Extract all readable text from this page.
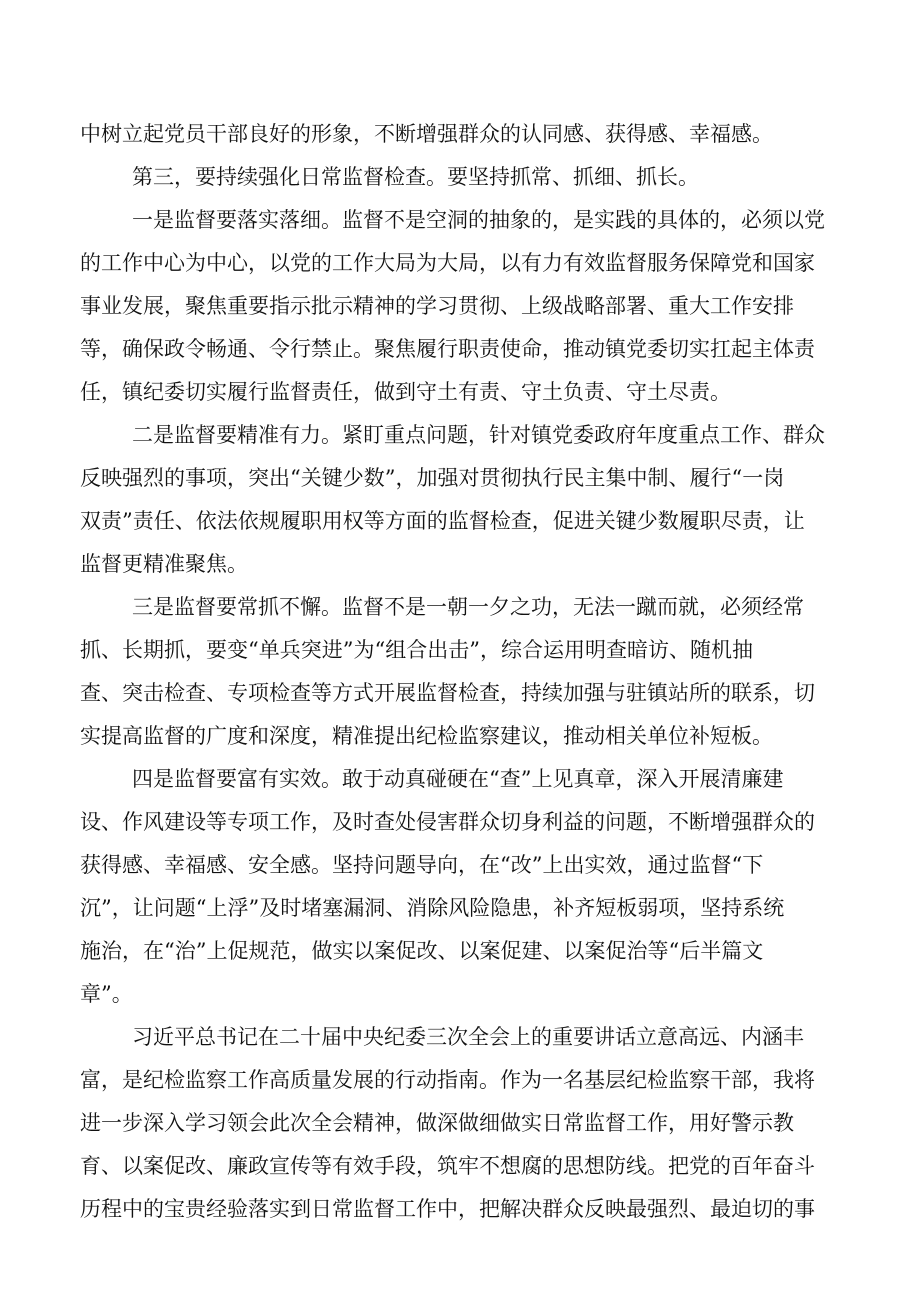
中树立起党员干部良好的形象，不断增强群众的认同感、获得感、幸福感。

第三，要持续强化日常监督检查。要坚持抓常、抓细、抓长。

一是监督要落实落细。监督不是空洞的抽象的，是实践的具体的，必须以党

的工作中心为中心，以党的工作大局为大局，以有力有效监督服务保障党和国家

事业发展，聚焦重要指示批示精神的学习贯彻、上级战略部署、重大工作安排

等，确保政令畅通、令行禁止。聚焦履行职责使命，推动镇党委切实扛起主体责

任，镇纪委切实履行监督责任，做到守土有责、守土负责、守土尽责。

二是监督要精准有力。紧盯重点问题，针对镇党委政府年度重点工作、群众

反映强烈的事项，突出“关键少数”，加强对贯彻执行民主集中制、履行“一岗

双责”责任、依法依规履职用权等方面的监督检查，促进关键少数履职尽责，让

监督更精准聚焦。

三是监督要常抓不懈。监督不是一朝一夕之功，无法一蹴而就，必须经常

抓、长期抓，要变“单兵突进”为“组合出击”，综合运用明查暗访、随机抽

查、突击检查、专项检查等方式开展监督检查，持续加强与驻镇站所的联系，切

实提高监督的广度和深度，精准提出纪检监察建议，推动相关单位补短板。

四是监督要富有实效。敢于动真碰硬在“查”上见真章，深入开展清廉建

设、作风建设等专项工作，及时查处侵害群众切身利益的问题，不断增强群众的

获得感、幸福感、安全感。坚持问题导向，在“改”上出实效，通过监督“下

沉”，让问题“上浮”及时堵塞漏洞、消除风险隐患，补齐短板弱项，坚持系统

施治，在“治”上促规范，做实以案促改、以案促建、以案促治等“后半篇文

章”。

习近平总书记在二十届中央纪委三次全会上的重要讲话立意高远、内涵丰

富，是纪检监察工作高质量发展的行动指南。作为一名基层纪检监察干部，我将

进一步深入学习领会此次全会精神，做深做细做实日常监督工作，用好警示教

育、以案促改、廉政宣传等有效手段，筑牢不想腐的思想防线。把党的百年奋斗

历程中的宝贵经验落实到日常监督工作中，把解决群众反映最强烈、最迫切的事
